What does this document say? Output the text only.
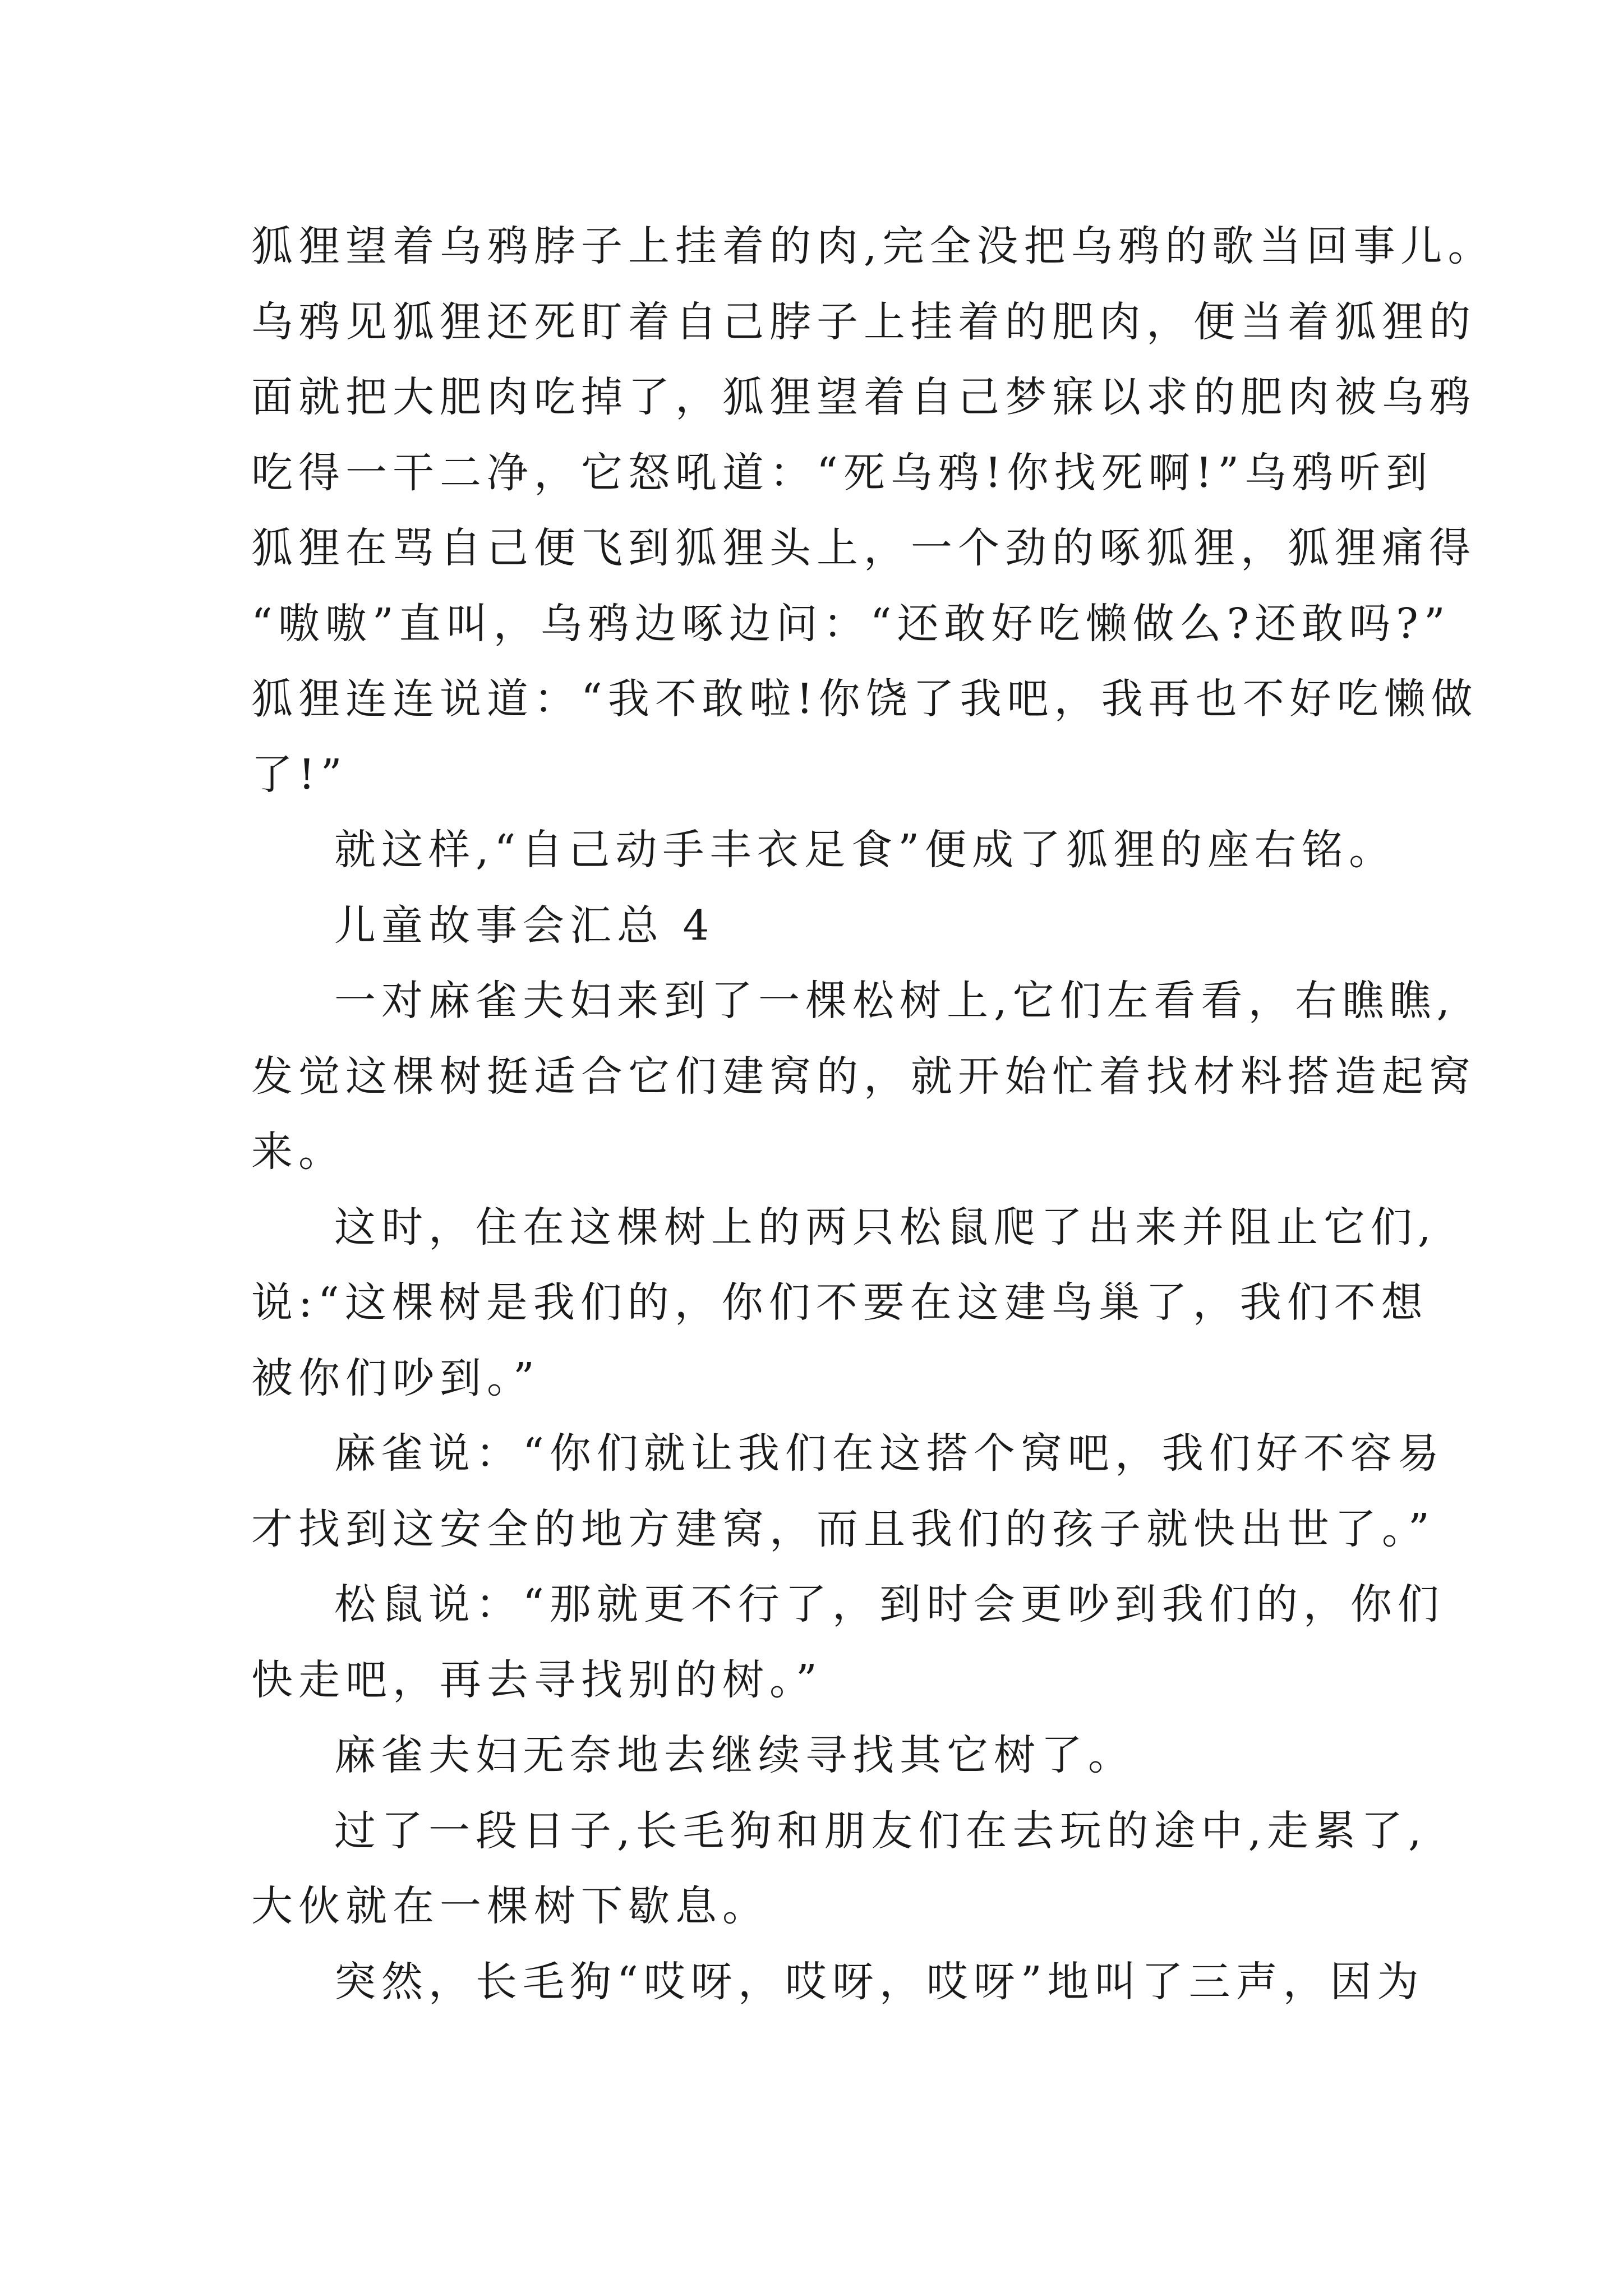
狐狸望着乌鸦脖子上挂着的肉,完全没把乌鸦的歌当回事儿。
乌鸦见狐狸还死盯着自己脖子上挂着的肥肉，便当着狐狸的
面就把大肥肉吃掉了，狐狸望着自己梦寐以求的肥肉被乌鸦
吃得一干二净，它怒吼道：“死乌鸦!你找死啊!”乌鸦听到
狐狸在骂自己便飞到狐狸头上，一个劲的啄狐狸，狐狸痛得
“嗷嗷”直叫，乌鸦边啄边问：“还敢好吃懒做么?还敢吗?”
狐狸连连说道：“我不敢啦!你饶了我吧，我再也不好吃懒做
了!”
就这样,“自己动手丰衣足食”便成了狐狸的座右铭。
儿童故事会汇总 4
一对麻雀夫妇来到了一棵松树上,它们左看看，右瞧瞧,
发觉这棵树挺适合它们建窝的，就开始忙着找材料搭造起窝
来。
这时，住在这棵树上的两只松鼠爬了出来并阻止它们,
说:“这棵树是我们的，你们不要在这建鸟巢了，我们不想
被你们吵到。”
麻雀说：“你们就让我们在这搭个窝吧，我们好不容易
才找到这安全的地方建窝，而且我们的孩子就快出世了。”
松鼠说：“那就更不行了，到时会更吵到我们的，你们
快走吧，再去寻找别的树。”
麻雀夫妇无奈地去继续寻找其它树了。
过了一段日子,长毛狗和朋友们在去玩的途中,走累了,
大伙就在一棵树下歇息。
突然，长毛狗“哎呀，哎呀，哎呀”地叫了三声，因为
